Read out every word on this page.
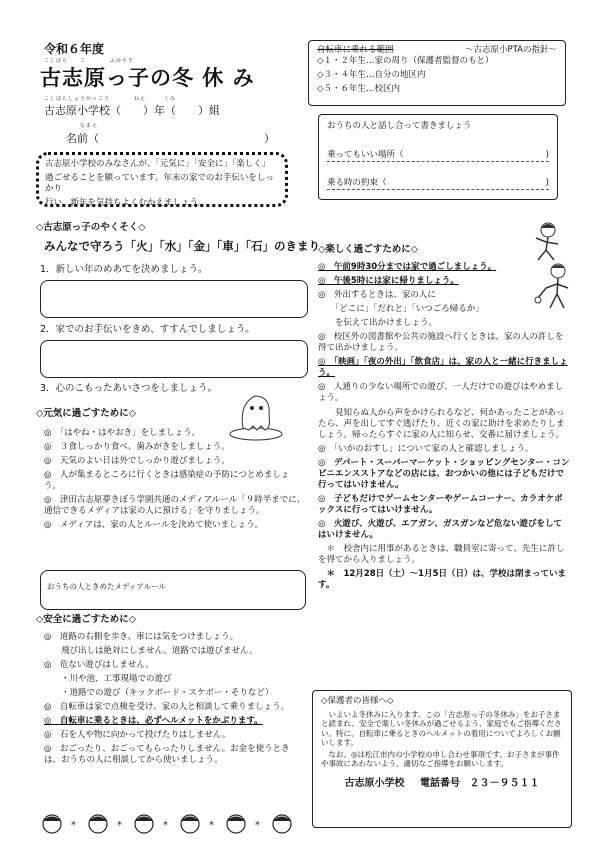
令和６年度
こしばら　　こ　　　　ふゆやす
古志原っ子の冬 休 み
こしばらしょうがっこう　　　　ねん　　　くみ
古志原小学校（　　）年（　　）組
なまえ
名前（　　　　　　　　　　　　　　　）
古志原小学校のみなさんが、「元気に」「安全に」「楽しく」
過ごせることを願っています。年末の家でのお手伝いをしっかり
行い、新年を気持ちよくむかえましょう。
◇古志原っ子のやくそく◇
みんなで守ろう「火」「水」「金」「車」「石」のきまり
1．新しい年のめあてを決めましょう。
2．家でのお手伝いをきめ、すすんでしましょう。
3．心のこもったあいさつをしましょう。
◇元気に過ごすために◇
◎　「はやね・はやおき」をしましょう。
◎　３食しっかり食べ、歯みがきをしましょう。
◎　天気のよい日は外でしっかり遊びましょう。
◎　人が集まるところに行くときは感染症の予防につとめましょう。
◎　津田古志原夢きぼう学園共通のメディアルール「９時半までに、通信できるメディアは家の人に預ける」を守りましょう。
◎　メディアは、家の人とルールを決めて使いましょう。
おうちの人ときめたメディアルール
◇安全に過ごすために◇
◎　道路の右側を歩き、車には気をつけましょう。
　　飛び出しは絶対にしません。道路では遊びません。
◎　危ない遊びはしません。
　　・川や池、工事現場での遊び
　　・道路での遊び（キックボード・スケボー・そりなど）
◎　自転車は家で点検を受け、家の人と相談して乗りましょう。
◎　自転車に乗るときは、必ずヘルメットをかぶります。
◎　石を人や物に向かって投げたりはしません。
◎　おごったり、おごってもらったりしません。お金を使うときは、おうちの人に相談してから使いましょう。
*	*	*	*	*
自転車に乗れる範囲	〜古志原小PTAの指針〜
◇１・２年生…家の周り（保護者監督のもと）
◇３・４年生…自分の地区内
◇５・６年生…校区内
おうちの人と話し合って書きましょう
乗ってもいい場所（	)
乗る時の約束（	)
◇楽しく過ごすために◇
◎　午前9時30分までは家で過ごしましょう。
◎　午後5時には家に帰りましょう。
◎　外出するときは、家の人に
　　「どこに」「だれと」「いつごろ帰るか」
　　を伝えて出かけましょう。
◎　校区外の図書館や公共の施設へ行くときは、家の人の許しを得て出かけましょう。
◎　「映画」「夜の外出」「飲食店」は、家の人と一緒に行きましょう。
◎　人通りの少ない場所での遊び、一人だけでの遊びはやめましょう。
　　見知らぬ人から声をかけられるなど、何かあったことがあったら、声を出してすぐ逃げたり、近くの家に助けを求めたりしましょう。帰ったらすぐに家の人に知らせ、交番に届けましょう。
◎　「いかのおすし」について家の人と確認しましょう。
◎　デパート・スーパーマーケット・ショッピングセンター・コンビニエンスストアなどの店には、おつかいの他には子どもだけで行ってはいけません。
◎　子どもだけでゲームセンターやゲームコーナー、カラオケボックスに行ってはいけません。
◎　火遊び、火遊び、エアガン、ガスガンなど危ない遊びをしてはいけません。
　＊　校舎内に用事があるときは、職員室に寄って、先生に許しを得てから入りましょう。
　＊　12月28日（土）〜1月5日（日）は、学校は閉まっています。
◇保護者の皆様へ◇
いよいよ冬休みに入ります。この「古志原っ子の冬休み」をお子さまと読まれ、安全で楽しい冬休みが過ごせるよう、家庭でもご指導ください。特に、自転車に乗るときのヘルメットの着用についてよろしくお願いします。
なお、◎は松江市内の小学校の申し合わせ事項です。お子さまが事件や事故にあわないよう、適切なご指導をお願いします。
古志原小学校 電話番号 ２３－９５１１
